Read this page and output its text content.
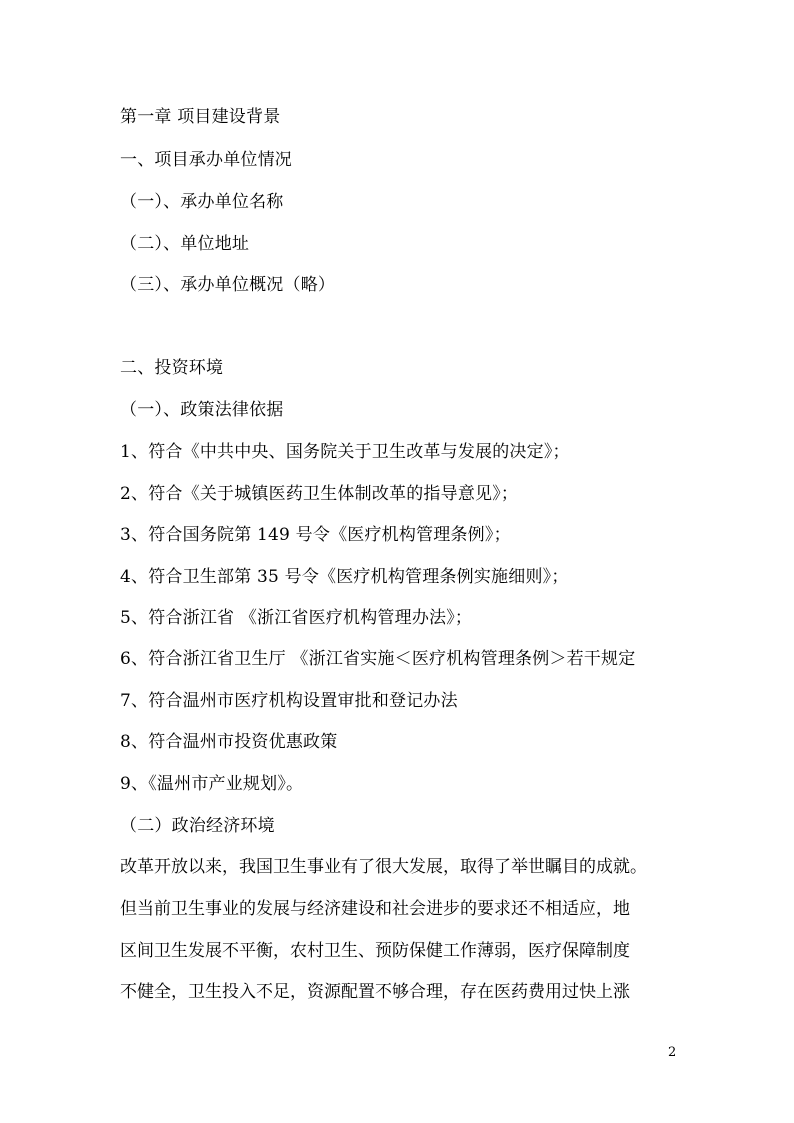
第一章 项目建设背景
一、项目承办单位情况
（一）、承办单位名称
（二）、单位地址
（三）、承办单位概况（略）
二、投资环境
（一）、政策法律依据
1、符合《中共中央、国务院关于卫生改革与发展的决定》；
2、符合《关于城镇医药卫生体制改革的指导意见》；
3、符合国务院第 149 号令《医疗机构管理条例》；
4、符合卫生部第 35 号令《医疗机构管理条例实施细则》；
5、符合浙江省 《浙江省医疗机构管理办法》；
6、符合浙江省卫生厅 《浙江省实施＜医疗机构管理条例＞若干规定
7、符合温州市医疗机构设置审批和登记办法
8、符合温州市投资优惠政策
9、《温州市产业规划》。
（二）政治经济环境
改革开放以来，我国卫生事业有了很大发展，取得了举世瞩目的成就。
但当前卫生事业的发展与经济建设和社会进步的要求还不相适应，地
区间卫生发展不平衡，农村卫生、预防保健工作薄弱，医疗保障制度
不健全，卫生投入不足，资源配置不够合理，存在医药费用过快上涨
2
